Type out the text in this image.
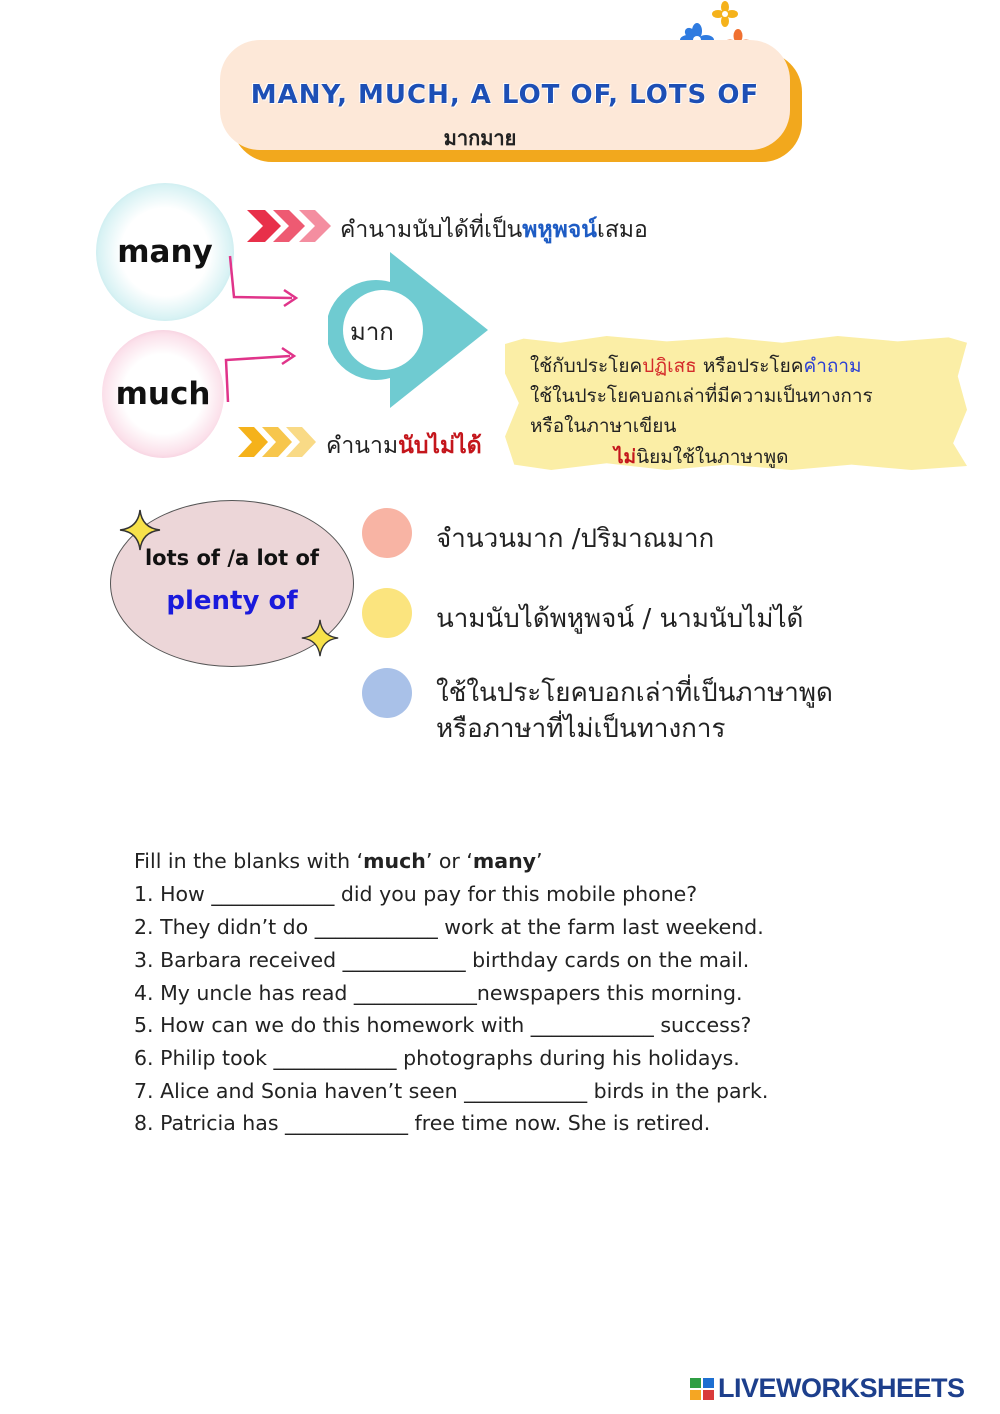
MANY, MUCH, A LOT OF, LOTS OF
มากมาย
many
คำนามนับได้ที่เป็นพหูพจน์เสมอ
มาก
much
คำนามนับไม่ได้
ใช้กับประโยคปฏิเสธ หรือประโยคคำถาม
ใช้ในประโยคบอกเล่าที่มีความเป็นทางการ
หรือในภาษาเขียน
ไม่นิยมใช้ในภาษาพูด
lots of /a lot of
plenty of
จำนวนมาก /ปริมาณมาก
นามนับได้พหูพจน์ / นามนับไม่ได้
ใช้ในประโยคบอกเล่าที่เป็นภาษาพูด
หรือภาษาที่ไม่เป็นทางการ
Fill in the blanks with ‘much’ or ‘many’
1. How ____________ did you pay for this mobile phone?
2. They didn’t do ____________ work at the farm last weekend.
3. Barbara received ____________ birthday cards on the mail.
4. My uncle has read ____________newspapers this morning.
5. How can we do this homework with ____________ success?
6. Philip took ____________ photographs during his holidays.
7. Alice and Sonia haven’t seen ____________ birds in the park.
8. Patricia has ____________ free time now. She is retired.
LIVEWORKSHEETS
